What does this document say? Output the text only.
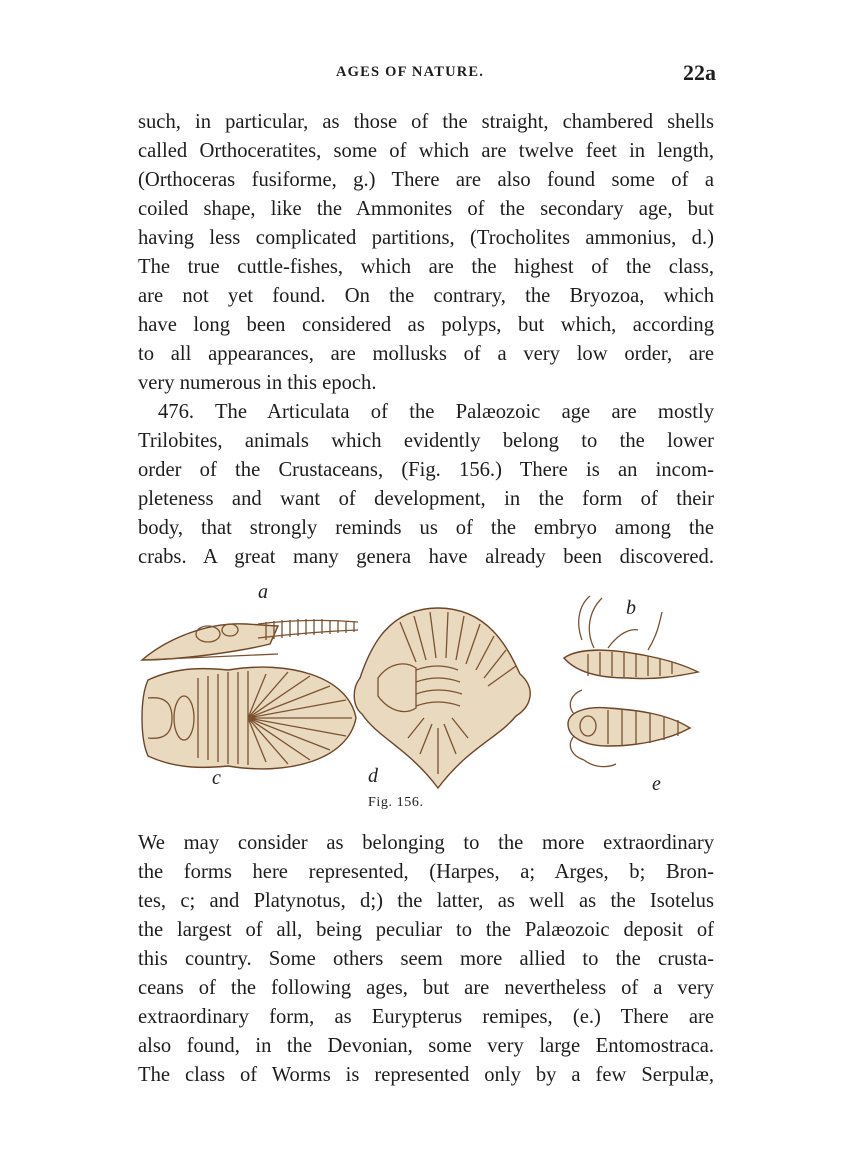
AGES OF NATURE.	22a
such, in particular, as those of the straight, chambered shells
called Orthoceratites, some of which are twelve feet in length,
(Orthoceras fusiforme, g.) There are also found some of a
coiled shape, like the Ammonites of the secondary age, but
having less complicated partitions, (Trocholites ammonius, d.)
The true cuttle-fishes, which are the highest of the class,
are not yet found. On the contrary, the Bryozoa, which
have long been considered as polyps, but which, according
to all appearances, are mollusks of a very low order, are
very numerous in this epoch.
476. The Articulata of the Palæozoic age are mostly
Trilobites, animals which evidently belong to the lower
order of the Crustaceans, (Fig. 156.) There is an incom-
pleteness and want of development, in the form of their
body, that strongly reminds us of the embryo among the
crabs. A great many genera have already been discovered.
a
b
c	d	e
Fig. 156.
We may consider as belonging to the more extraordinary
the forms here represented, (Harpes, a; Arges, b; Bron-
tes, c; and Platynotus, d;) the latter, as well as the Isotelus
the largest of all, being peculiar to the Palæozoic deposit of
this country. Some others seem more allied to the crusta-
ceans of the following ages, but are nevertheless of a very
extraordinary form, as Eurypterus remipes, (e.) There are
also found, in the Devonian, some very large Entomostraca.
The class of Worms is represented only by a few Serpulæ,
